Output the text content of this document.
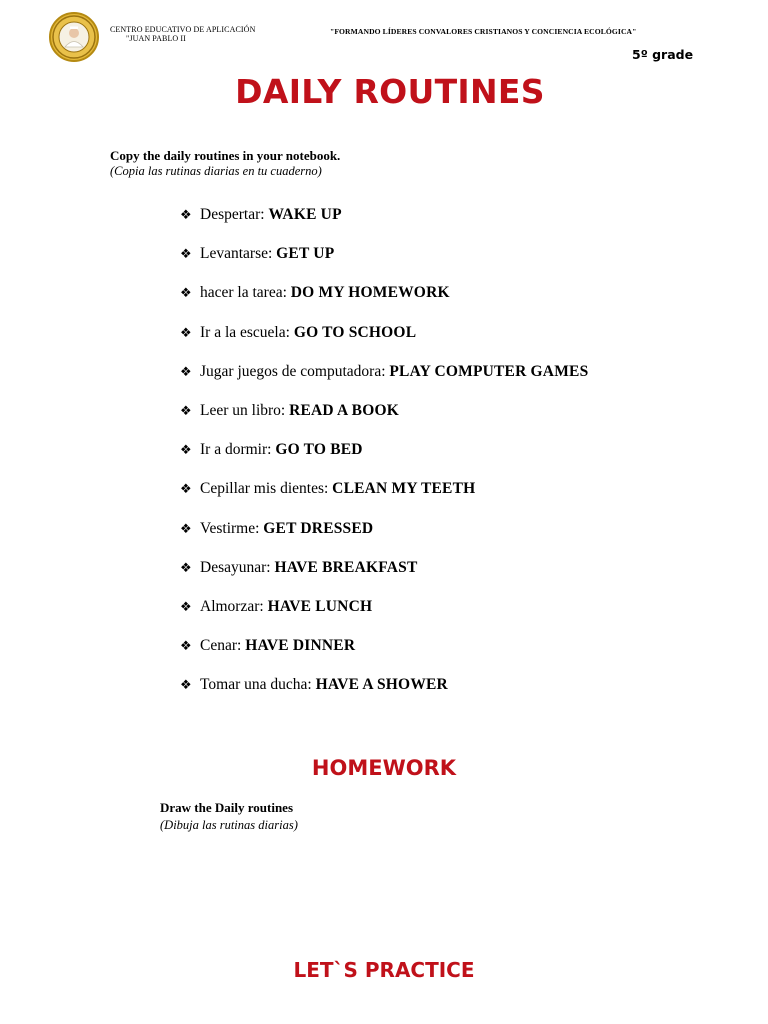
CENTRO EDUCATIVO DE APLICACIÓN
"JUAN PABLO II
"FORMANDO LÍDERES CONVALORES CRISTIANOS Y CONCIENCIA ECOLÓGICA"
5º grade
DAILY ROUTINES
Copy the daily routines in your notebook.
(Copia las rutinas diarias en tu cuaderno)
❖ Despertar: WAKE UP
❖ Levantarse: GET UP
❖ hacer la tarea: DO MY HOMEWORK
❖ Ir a la escuela: GO TO SCHOOL
❖ Jugar juegos de computadora: PLAY COMPUTER GAMES
❖ Leer un libro: READ A BOOK
❖ Ir a dormir: GO TO BED
❖ Cepillar mis dientes: CLEAN MY TEETH
❖ Vestirme: GET DRESSED
❖ Desayunar: HAVE BREAKFAST
❖ Almorzar: HAVE LUNCH
❖ Cenar: HAVE DINNER
❖ Tomar una ducha: HAVE A SHOWER
HOMEWORK
Draw the Daily routines
(Dibuja las rutinas diarias)
LET`S PRACTICE
